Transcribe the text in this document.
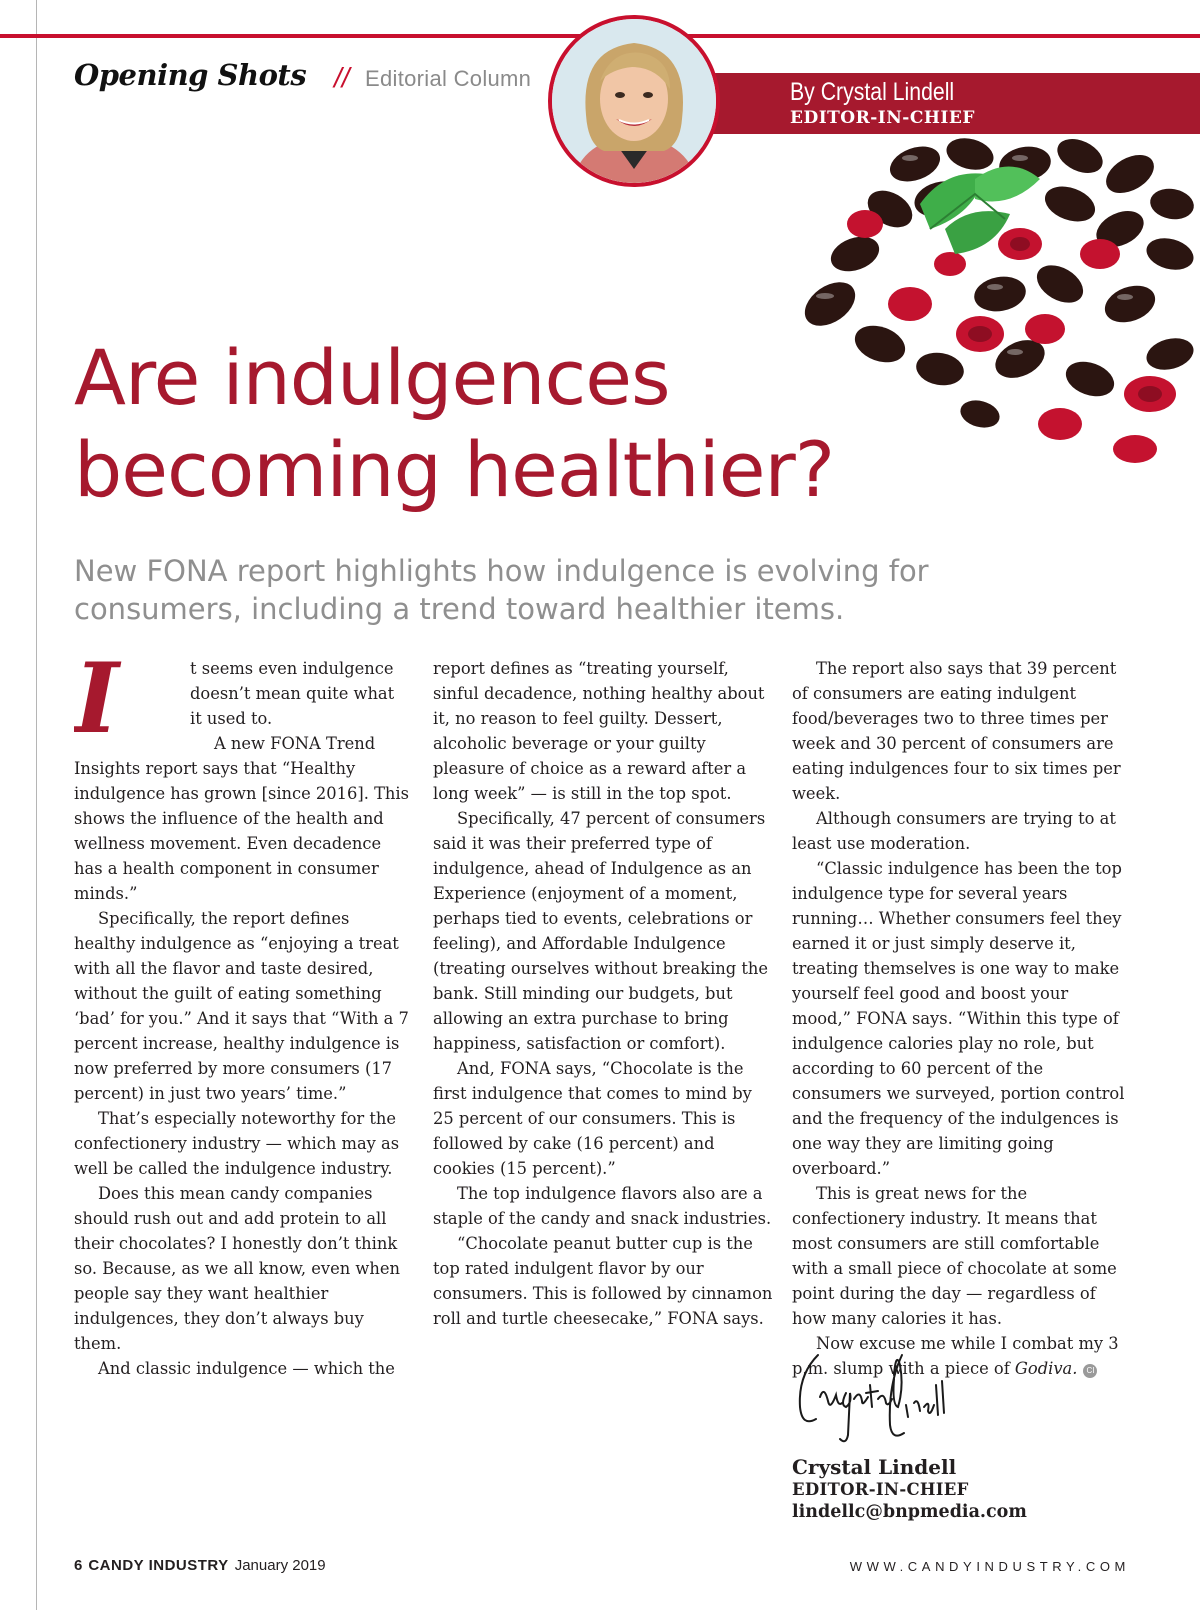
Opening Shots // Editorial Column	By Crystal Lindell
EDITOR-IN-CHIEF
Are indulgences
becoming healthier?

New FONA report highlights how indulgence is evolving for consumers, including a trend toward healthier items.

I	t seems even indulgence doesn’t mean quite what it used to.

A new FONA Trend Insights report says that “Healthy indulgence has grown [since 2016]. This shows the influence of the health and wellness movement. Even decadence has a health component in consumer minds.”

Specifically, the report defines healthy indulgence as “enjoying a treat with all the flavor and taste desired, without the guilt of eating something ‘bad’ for you.” And it says that “With a 7 percent increase, healthy indulgence is now preferred by more consumers (17 percent) in just two years’ time.”

That’s especially noteworthy for the confectionery industry — which may as well be called the indulgence industry.

Does this mean candy companies should rush out and add protein to all their chocolates? I honestly don’t think so. Because, as we all know, even when people say they want healthier indulgences, they don’t always buy them.

And classic indulgence — which the

report defines as “treating yourself, sinful decadence, nothing healthy about it, no reason to feel guilty. Dessert, alcoholic beverage or your guilty pleasure of choice as a reward after a long week” — is still in the top spot.

Specifically, 47 percent of consumers said it was their preferred type of indulgence, ahead of Indulgence as an Experience (enjoyment of a moment, perhaps tied to events, celebrations or feeling), and Affordable Indulgence (treating ourselves without breaking the bank. Still minding our budgets, but allowing an extra purchase to bring happiness, satisfaction or comfort).

And, FONA says, “Chocolate is the first indulgence that comes to mind by 25 percent of our consumers. This is followed by cake (16 percent) and cookies (15 percent).”

The top indulgence flavors also are a staple of the candy and snack industries.

“Chocolate peanut butter cup is the top rated indulgent flavor by our consumers. This is followed by cinnamon roll and turtle cheesecake,” FONA says.

The report also says that 39 percent of consumers are eating indulgent food/beverages two to three times per week and 30 percent of consumers are eating indulgences four to six times per week.

Although consumers are trying to at least use moderation.

“Classic indulgence has been the top indulgence type for several years running… Whether consumers feel they earned it or just simply deserve it, treating themselves is one way to make yourself feel good and boost your mood,” FONA says. “Within this type of indulgence calories play no role, but according to 60 percent of the consumers we surveyed, portion control and the frequency of the indulgences is one way they are limiting going overboard.”

This is great news for the confectionery industry. It means that most consumers are still comfortable with a small piece of chocolate at some point during the day — regardless of how many calories it has.

Now excuse me while I combat my 3 p.m. slump with a piece of Godiva. CI

Crystal Lindell
EDITOR-IN-CHIEF
lindellc@bnpmedia.com
6 CANDY INDUSTRY January 2019	WWW.CANDYINDUSTRY.COM
